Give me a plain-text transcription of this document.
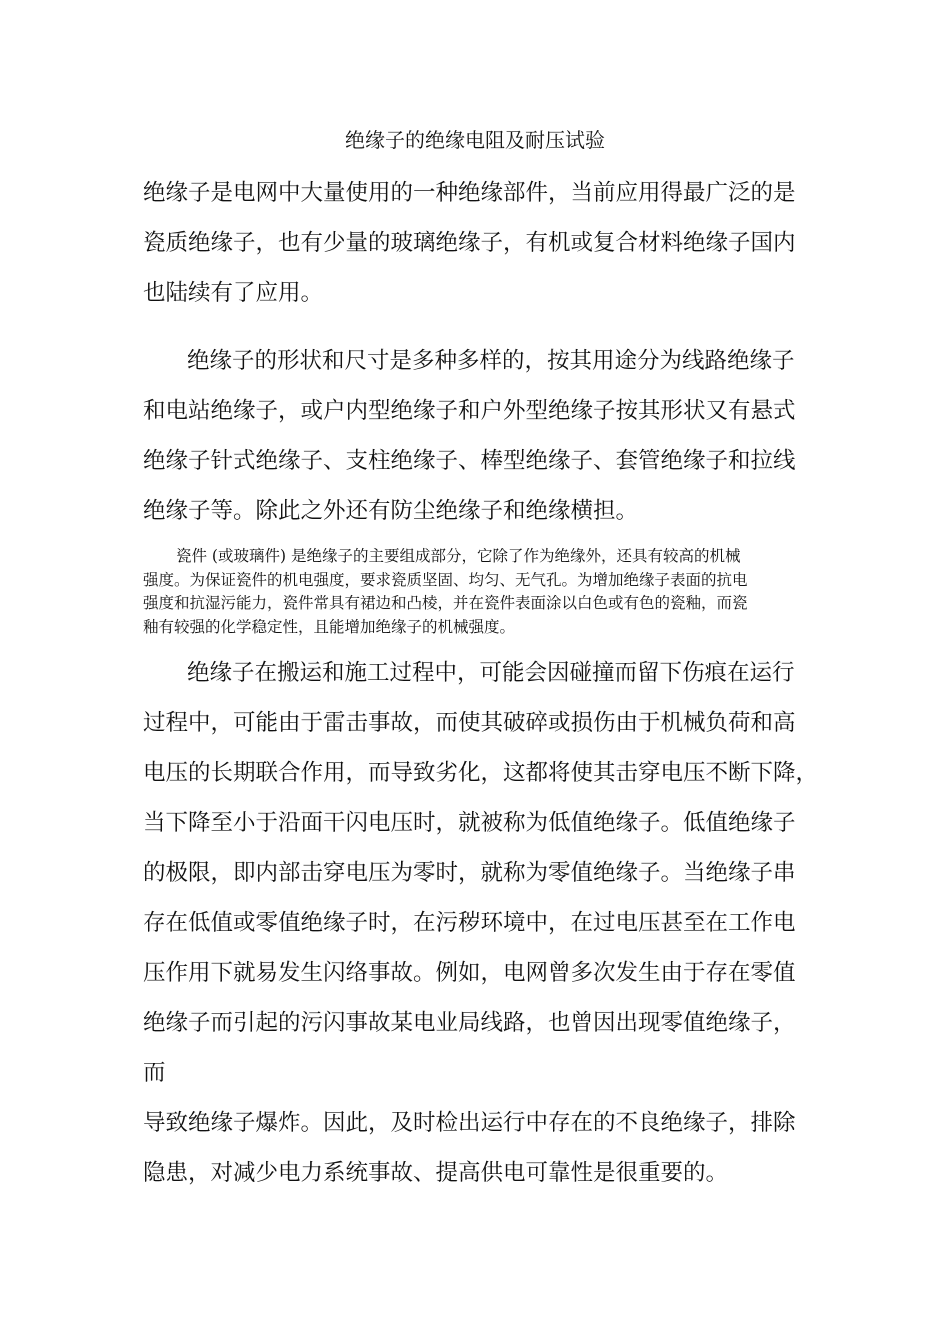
绝缘子的绝缘电阻及耐压试验
绝缘子是电网中大量使用的一种绝缘部件，当前应用得最广泛的是
瓷质绝缘子，也有少量的玻璃绝缘子，有机或复合材料绝缘子国内
也陆续有了应用。
绝缘子的形状和尺寸是多种多样的，按其用途分为线路绝缘子
和电站绝缘子，或户内型绝缘子和户外型绝缘子按其形状又有悬式
绝缘子针式绝缘子、支柱绝缘子、棒型绝缘子、套管绝缘子和拉线
绝缘子等。除此之外还有防尘绝缘子和绝缘横担。
瓷件 (或玻璃件) 是绝缘子的主要组成部分，它除了作为绝缘外，还具有较高的机械
强度。为保证瓷件的机电强度，要求瓷质坚固、均匀、无气孔。为增加绝缘子表面的抗电
强度和抗湿污能力，瓷件常具有裙边和凸棱，并在瓷件表面涂以白色或有色的瓷釉，而瓷
釉有较强的化学稳定性，且能增加绝缘子的机械强度。
绝缘子在搬运和施工过程中，可能会因碰撞而留下伤痕在运行
过程中，可能由于雷击事故，而使其破碎或损伤由于机械负荷和高
电压的长期联合作用，而导致劣化，这都将使其击穿电压不断下降，
当下降至小于沿面干闪电压时，就被称为低值绝缘子。低值绝缘子
的极限，即内部击穿电压为零时，就称为零值绝缘子。当绝缘子串
存在低值或零值绝缘子时，在污秽环境中，在过电压甚至在工作电
压作用下就易发生闪络事故。例如，电网曾多次发生由于存在零值
绝缘子而引起的污闪事故某电业局线路，也曾因出现零值绝缘子，
而
导致绝缘子爆炸。因此，及时检出运行中存在的不良绝缘子，排除
隐患，对减少电力系统事故、提高供电可靠性是很重要的。
